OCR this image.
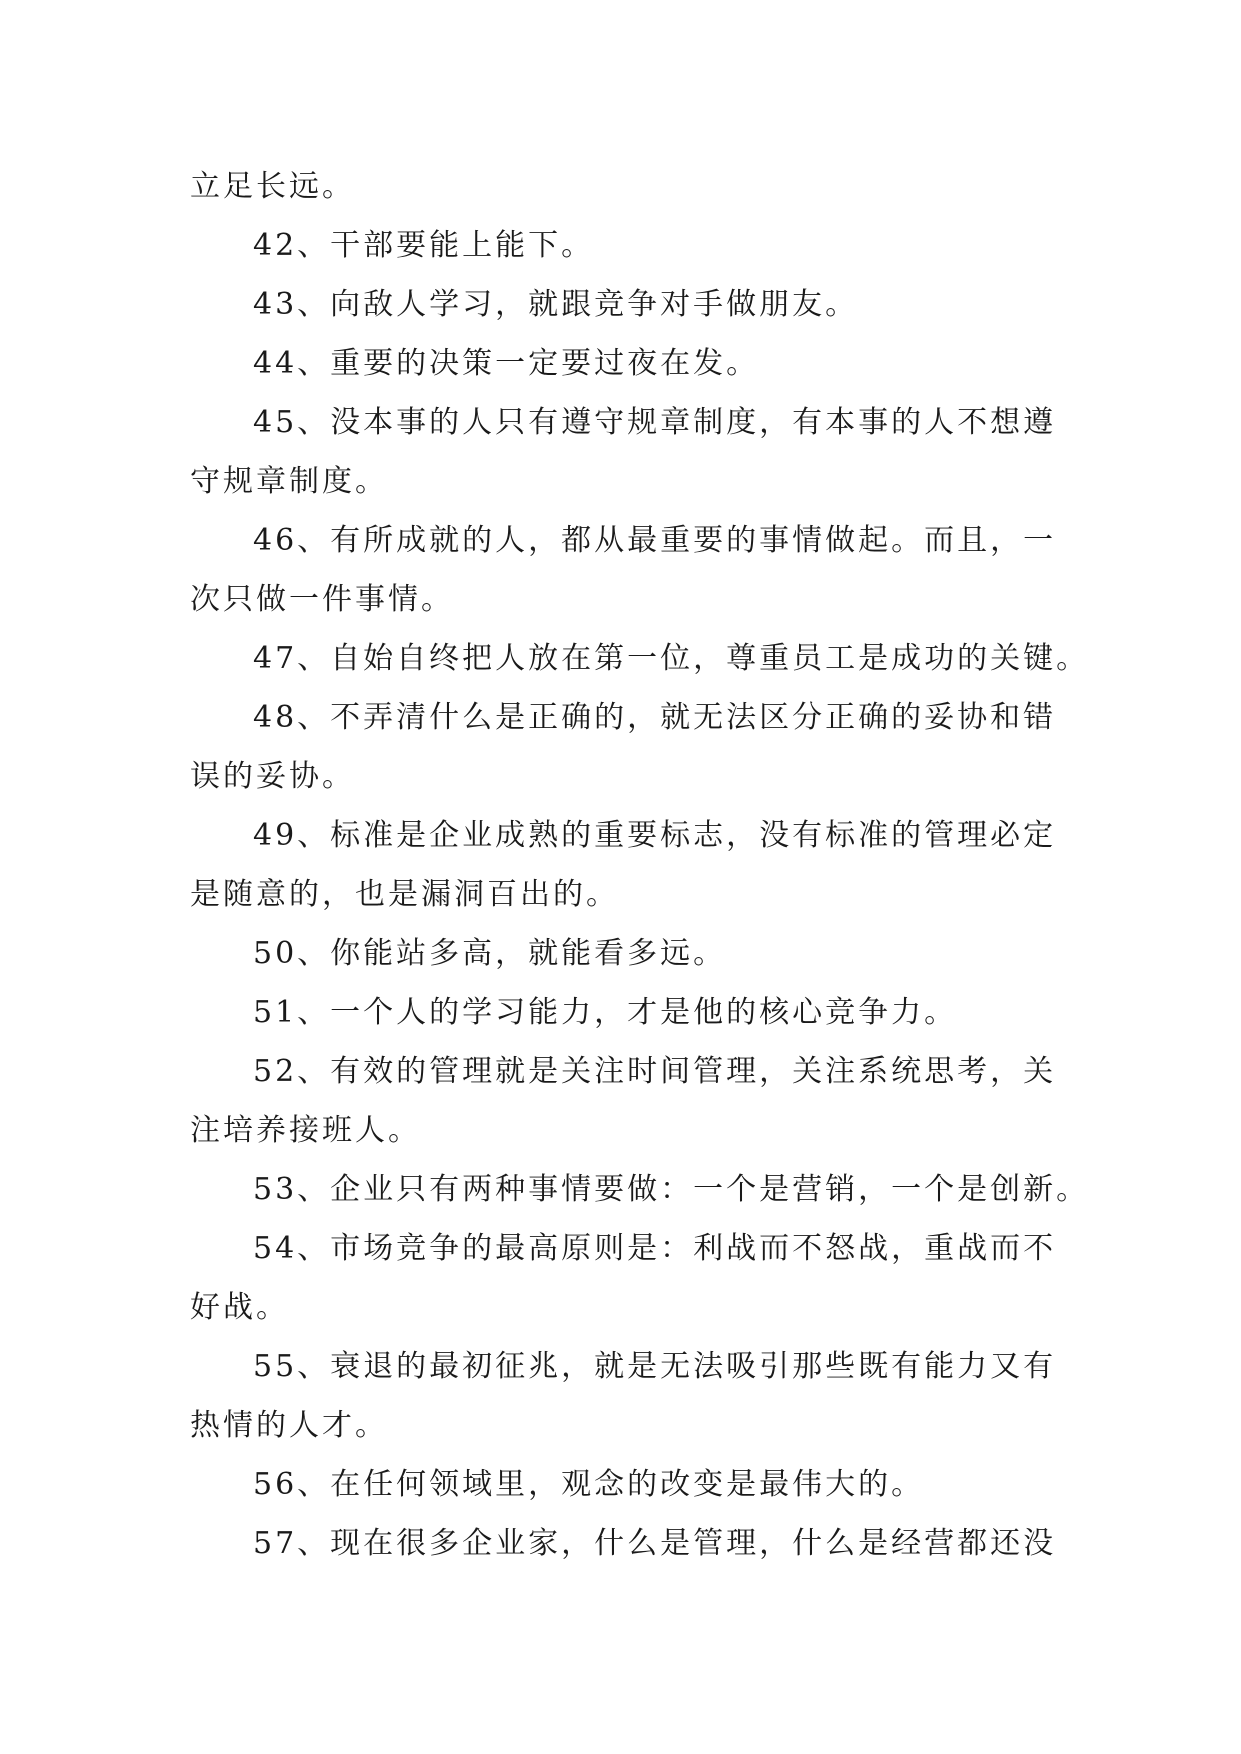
立足长远。
42、干部要能上能下。
43、向敌人学习，就跟竞争对手做朋友。
44、重要的决策一定要过夜在发。
45、没本事的人只有遵守规章制度，有本事的人不想遵
守规章制度。
46、有所成就的人，都从最重要的事情做起。而且，一
次只做一件事情。
47、自始自终把人放在第一位，尊重员工是成功的关键。
48、不弄清什么是正确的，就无法区分正确的妥协和错
误的妥协。
49、标准是企业成熟的重要标志，没有标准的管理必定
是随意的，也是漏洞百出的。
50、你能站多高，就能看多远。
51、一个人的学习能力，才是他的核心竞争力。
52、有效的管理就是关注时间管理，关注系统思考，关
注培养接班人。
53、企业只有两种事情要做：一个是营销，一个是创新。
54、市场竞争的最高原则是：利战而不怒战，重战而不
好战。
55、衰退的最初征兆，就是无法吸引那些既有能力又有
热情的人才。
56、在任何领域里，观念的改变是最伟大的。
57、现在很多企业家，什么是管理，什么是经营都还没
